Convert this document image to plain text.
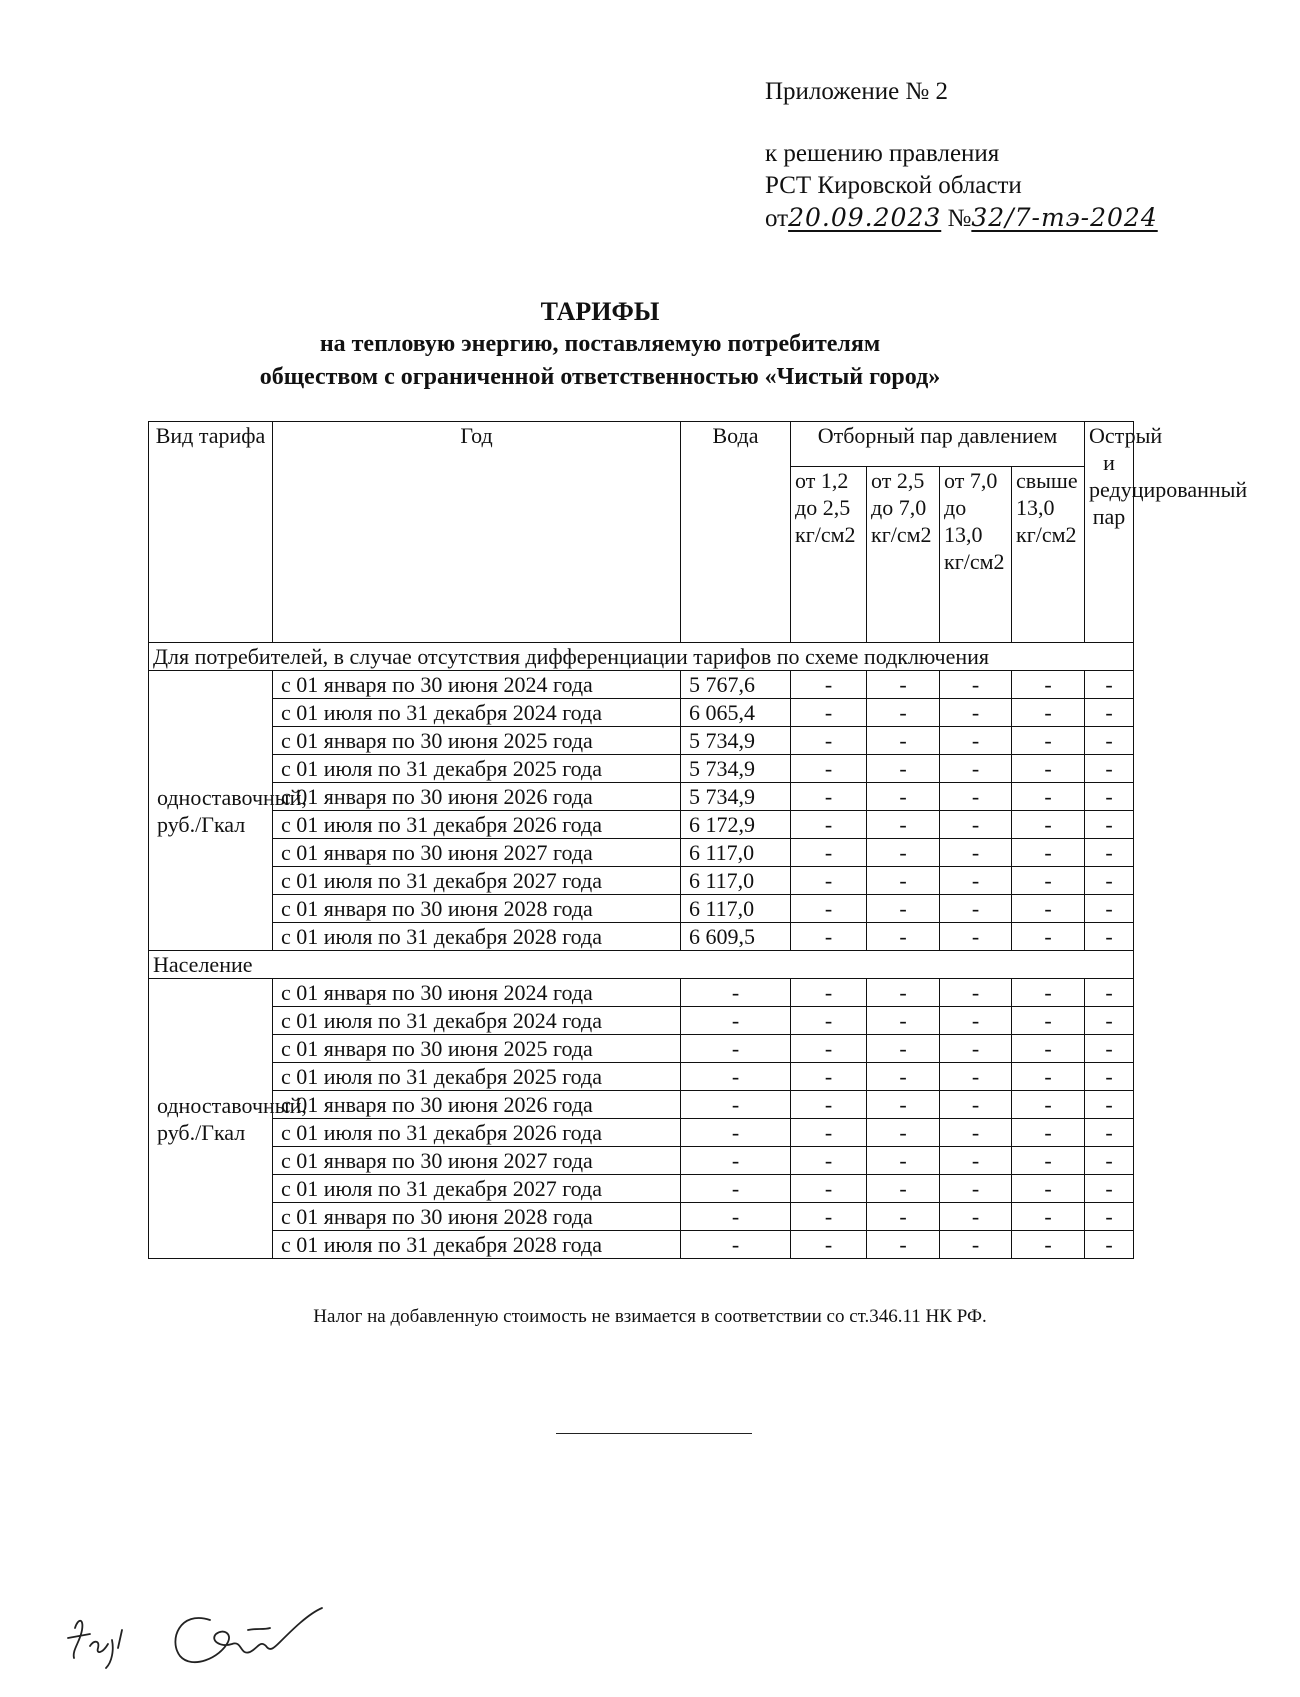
Приложение № 2
к решению правления
РСТ Кировской области
от20.09.2023 №32/7-тэ-2024
ТАРИФЫ
на тепловую энергию, поставляемую потребителям
обществом с ограниченной ответственностью «Чистый город»
Вид тарифа	Год	Вода	Отборный пар давлением				Острый и редуцированный пар
			от 1,2 до 2,5 кг/см2	от 2,5 до 7,0 кг/см2	от 7,0 до 13,0 кг/см2	свыше 13,0 кг/см2	
Для потребителей, в случае отсутствия дифференциации тарифов по схеме подключения							
одноставочный, руб./Гкал	с 01 января по 30 июня 2024 года	5 767,6	-	-	-	-	-
	с 01 июля по 31 декабря 2024 года	6 065,4	-	-	-	-	-
	с 01 января по 30 июня 2025 года	5 734,9	-	-	-	-	-
	с 01 июля по 31 декабря 2025 года	5 734,9	-	-	-	-	-
	с 01 января по 30 июня 2026 года	5 734,9	-	-	-	-	-
	с 01 июля по 31 декабря 2026 года	6 172,9	-	-	-	-	-
	с 01 января по 30 июня 2027 года	6 117,0	-	-	-	-	-
	с 01 июля по 31 декабря 2027 года	6 117,0	-	-	-	-	-
	с 01 января по 30 июня 2028 года	6 117,0	-	-	-	-	-
	с 01 июля по 31 декабря 2028 года	6 609,5	-	-	-	-	-
Население							
одноставочный, руб./Гкал	с 01 января по 30 июня 2024 года	-	-	-	-	-	-
	с 01 июля по 31 декабря 2024 года	-	-	-	-	-	-
	с 01 января по 30 июня 2025 года	-	-	-	-	-	-
	с 01 июля по 31 декабря 2025 года	-	-	-	-	-	-
	с 01 января по 30 июня 2026 года	-	-	-	-	-	-
	с 01 июля по 31 декабря 2026 года	-	-	-	-	-	-
	с 01 января по 30 июня 2027 года	-	-	-	-	-	-
	с 01 июля по 31 декабря 2027 года	-	-	-	-	-	-
	с 01 января по 30 июня 2028 года	-	-	-	-	-	-
	с 01 июля по 31 декабря 2028 года	-	-	-	-	-	-
Налог на добавленную стоимость не взимается в соответствии со ст.346.11 НК РФ.
